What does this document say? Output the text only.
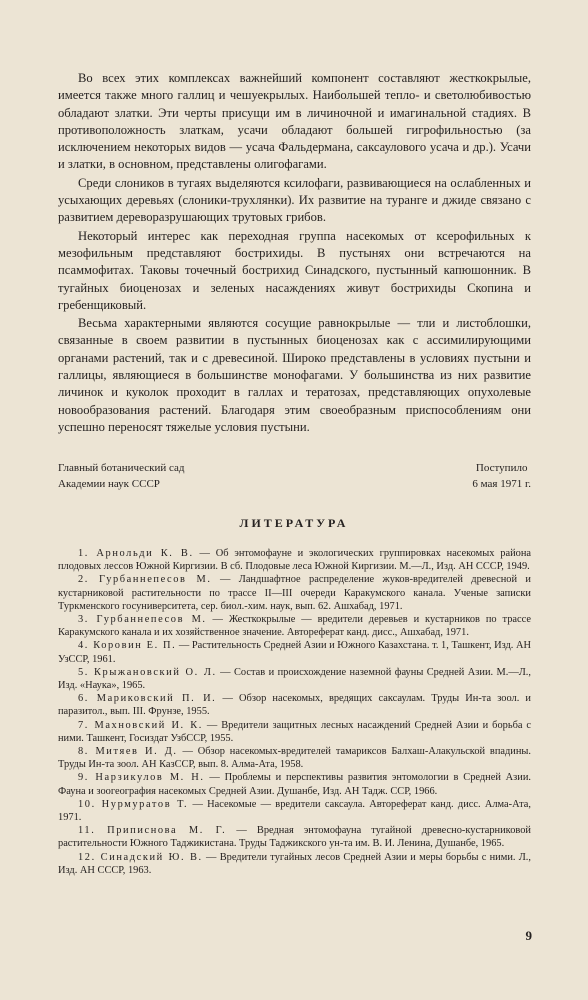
Во всех этих комплексах важнейший компонент составляют жесткокрылые, имеется также много галлиц и чешуекрылых. Наибольшей тепло- и светолюбивостью обладают златки. Эти черты присущи им в личиночной и имагинальной стадиях. В противоположность златкам, усачи обладают большей гигрофильностью (за исключением некоторых видов — усача Фальдермана, саксаулового усача и др.). Усачи и златки, в основном, представлены олигофагами.

Среди слоников в тугаях выделяются ксилофаги, развивающиеся на ослабленных и усыхающих деревьях (слоники-трухлянки). Их развитие на туранге и джиде связано с развитием дереворазрушающих трутовых грибов.

Некоторый интерес как переходная группа насекомых от ксерофильных к мезофильным представляют бострихиды. В пустынях они встречаются на псаммофитах. Таковы точечный бострихид Синадского, пустынный капюшонник. В тугайных биоценозах и зеленых насаждениях живут бострихиды Скопина и гребенщиковый.

Весьма характерными являются сосущие равнокрылые — тли и листоблошки, связанные в своем развитии в пустынных биоценозах как с ассимилирующими органами растений, так и с древесиной. Широко представлены в условиях пустыни и галлицы, являющиеся в большинстве монофагами. У большинства из них развитие личинок и куколок проходит в галлах и тератозах, представляющих опухолевые новообразования растений. Благодаря этим своеобразным приспособлениям они успешно переносят тяжелые условия пустыни.

Главный ботанический сад
Академии наук СССР
Поступило
6 мая 1971 г.
ЛИТЕРАТУРА

1. Арнольди К. В. — Об энтомофауне и экологических группировках насекомых района плодовых лессов Южной Киргизии. В сб. Плодовые леса Южной Киргизии. М.—Л., Изд. АН СССР, 1949.

2. Гурбаннепесов М. — Ландшафтное распределение жуков-вредителей древесной и кустарниковой растительности по трассе II—III очереди Каракумского канала. Ученые записки Туркменского госуниверситета, сер. биол.-хим. наук, вып. 62. Ашхабад, 1971.

3. Гурбаннепесов М. — Жесткокрылые — вредители деревьев и кустарников по трассе Каракумского канала и их хозяйственное значение. Автореферат канд. дисс., Ашхабад, 1971.

4. Коровин Е. П. — Растительность Средней Азии и Южного Казахстана. т. 1, Ташкент, Изд. АН УзССР, 1961.

5. Крыжановский О. Л. — Состав и происхождение наземной фауны Средней Азии. М.—Л., Изд. «Наука», 1965.

6. Мариковский П. И. — Обзор насекомых, вредящих саксаулам. Труды Ин-та зоол. и паразитол., вып. III. Фрунзе, 1955.

7. Махновский И. К. — Вредители защитных лесных насаждений Средней Азии и борьба с ними. Ташкент, Госиздат УзбССР, 1955.

8. Митяев И. Д. — Обзор насекомых-вредителей тамариксов Балхаш-Алакульской впадины. Труды Ин-та зоол. АН КазССР, вып. 8. Алма-Ата, 1958.

9. Нарзикулов М. Н. — Проблемы и перспективы развития энтомологии в Средней Азии. Фауна и зоогеография насекомых Средней Азии. Душанбе, Изд. АН Тадж. ССР, 1966.

10. Нурмуратов Т. — Насекомые — вредители саксаула. Автореферат канд. дисс. Алма-Ата, 1971.

11. Приписнова М. Г. — Вредная энтомофауна тугайной древесно-кустарниковой растительности Южного Таджикистана. Труды Таджикского ун-та им. В. И. Ленина, Душанбе, 1965.

12. Синадский Ю. В. — Вредители тугайных лесов Средней Азии и меры борьбы с ними. Л., Изд. АН СССР, 1963.

9
